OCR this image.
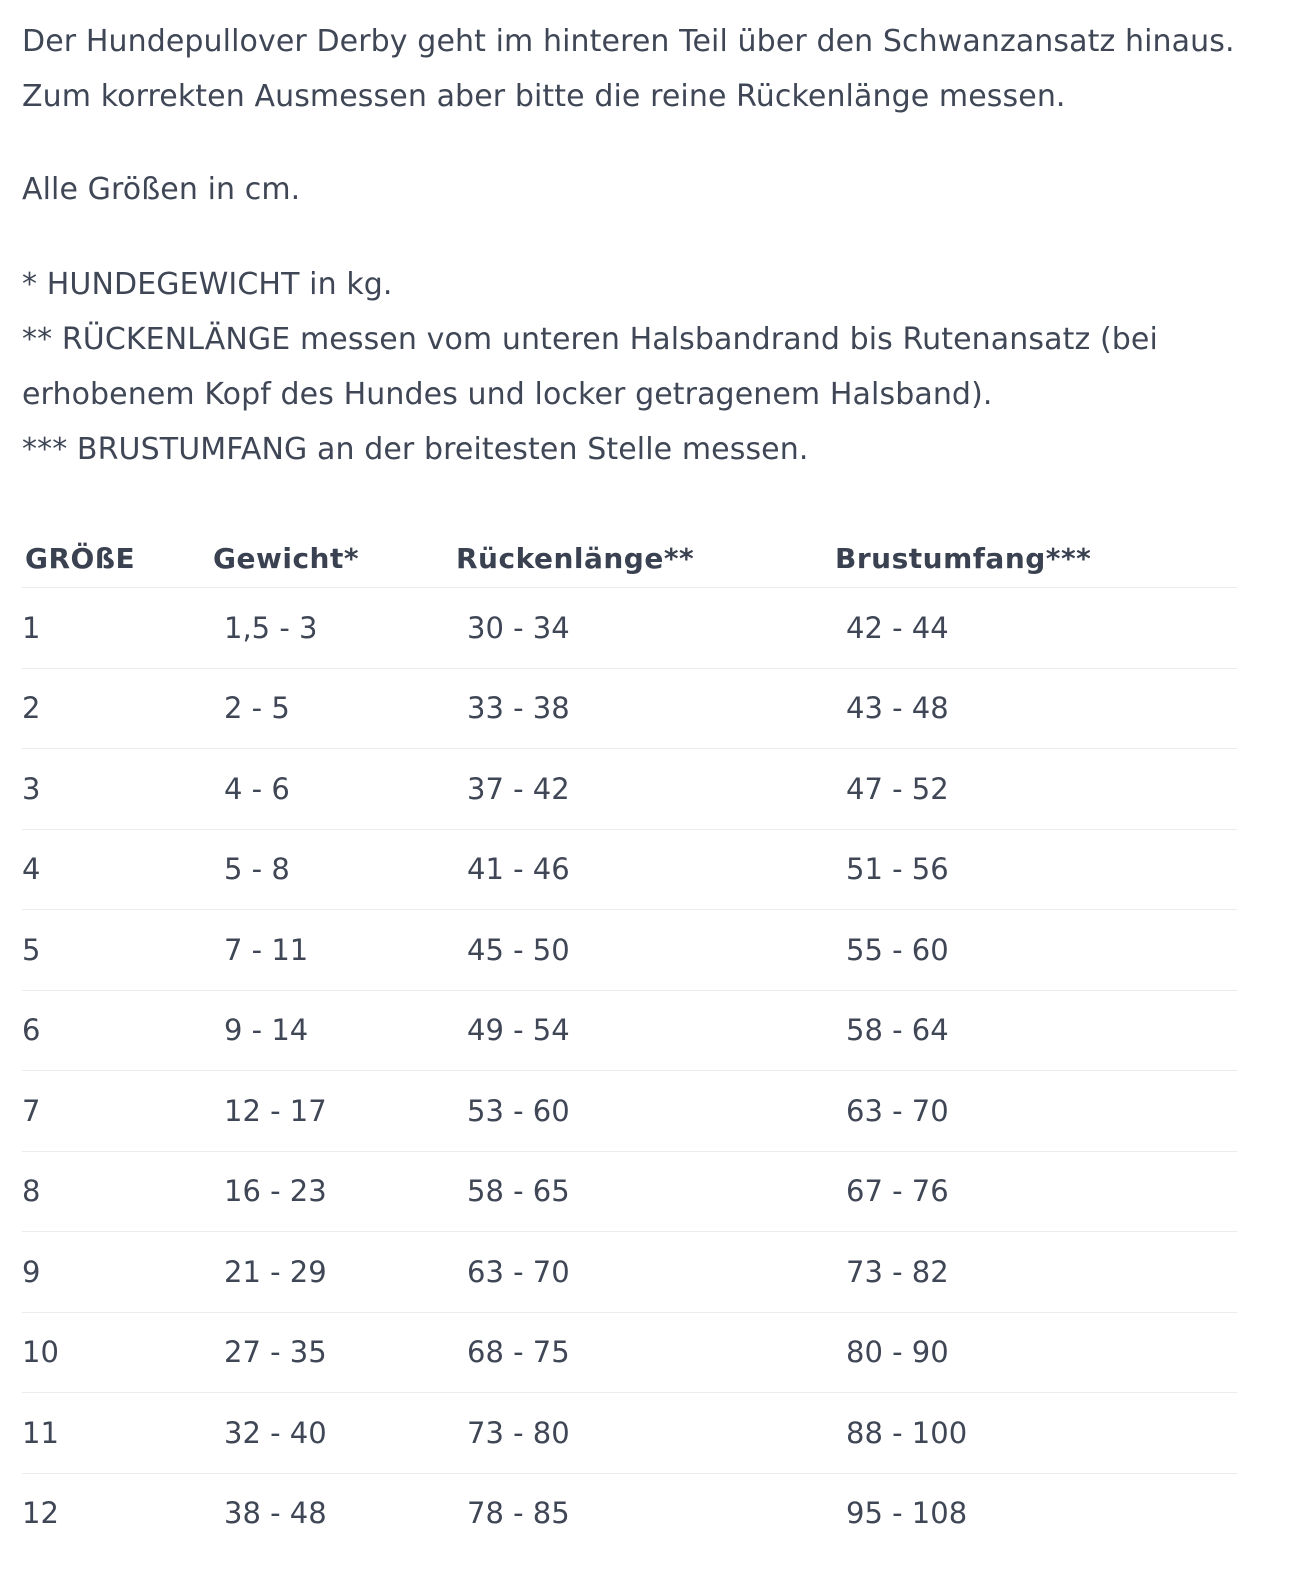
Der Hundepullover Derby geht im hinteren Teil über den Schwanzansatz hinaus. Zum korrekten Ausmessen aber bitte die reine Rückenlänge messen.

Alle Größen in cm.

* HUNDEGEWICHT in kg.

** RÜCKENLÄNGE messen vom unteren Halsbandrand bis Rutenansatz (bei erhobenem Kopf des Hundes und locker getragenem Halsband).

*** BRUSTUMFANG an der breitesten Stelle messen.

GRÖßE	Gewicht*	Rückenlänge**	Brustumfang***
1	1,5 - 3	30 - 34	42 - 44
2	2 - 5	33 - 38	43 - 48
3	4 - 6	37 - 42	47 - 52
4	5 - 8	41 - 46	51 - 56
5	7 - 11	45 - 50	55 - 60
6	9 - 14	49 - 54	58 - 64
7	12 - 17	53 - 60	63 - 70
8	16 - 23	58 - 65	67 - 76
9	21 - 29	63 - 70	73 - 82
10	27 - 35	68 - 75	80 - 90
11	32 - 40	73 - 80	88 - 100
12	38 - 48	78 - 85	95 - 108
